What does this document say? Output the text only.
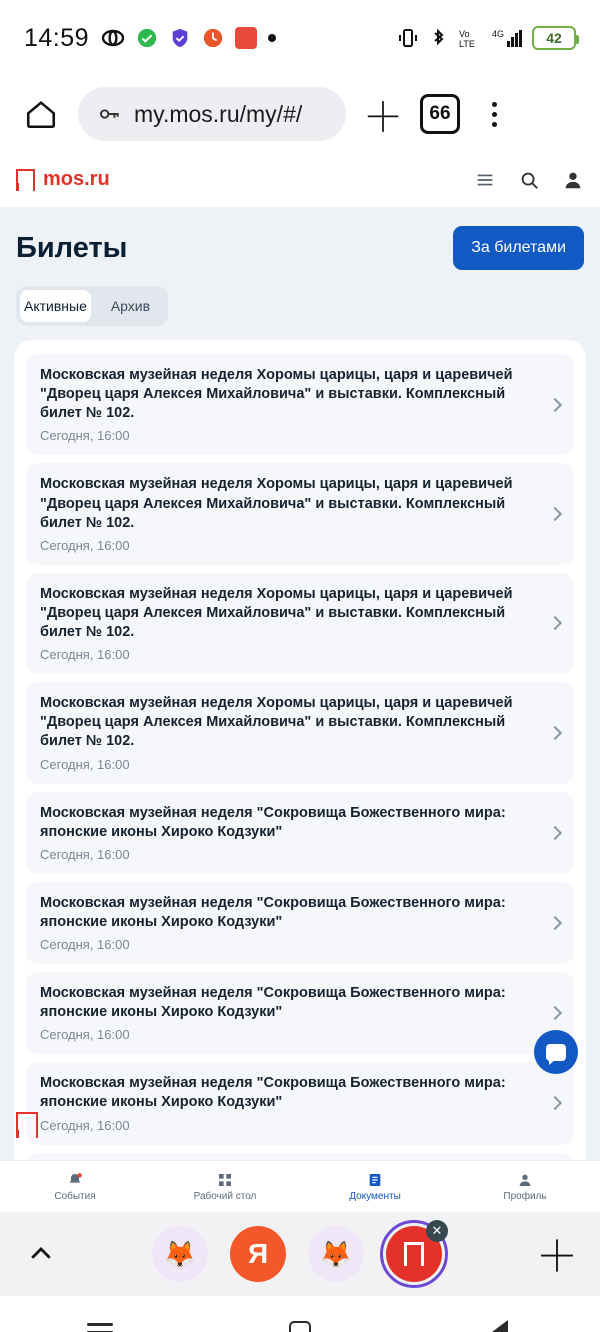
14:59	Vo
LTE
4G	42
my.mos.ru/my/#/ ＋	66
mos.ru
Билеты	За билетами
Активные	Архив
Московская музейная неделя Хоромы царицы, царя и царевичей "Дворец царя Алексея Михайловича" и выставки. Комплексный билет № 102.
Сегодня, 16:00
Московская музейная неделя Хоромы царицы, царя и царевичей "Дворец царя Алексея Михайловича" и выставки. Комплексный билет № 102.
Сегодня, 16:00
Московская музейная неделя Хоромы царицы, царя и царевичей "Дворец царя Алексея Михайловича" и выставки. Комплексный билет № 102.
Сегодня, 16:00
Московская музейная неделя Хоромы царицы, царя и царевичей "Дворец царя Алексея Михайловича" и выставки. Комплексный билет № 102.
Сегодня, 16:00
Московская музейная неделя "Сокровища Божественного мира: японские иконы Хироко Кодзуки"
Сегодня, 16:00
Московская музейная неделя "Сокровища Божественного мира: японские иконы Хироко Кодзуки"
Сегодня, 16:00
Московская музейная неделя "Сокровища Божественного мира: японские иконы Хироко Кодзуки"
Сегодня, 16:00
Московская музейная неделя "Сокровища Божественного мира: японские иконы Хироко Кодзуки"
Сегодня, 16:00
События	Рабочий стол	Документы	Профиль
🦊	Я	🦊
✕
＋
